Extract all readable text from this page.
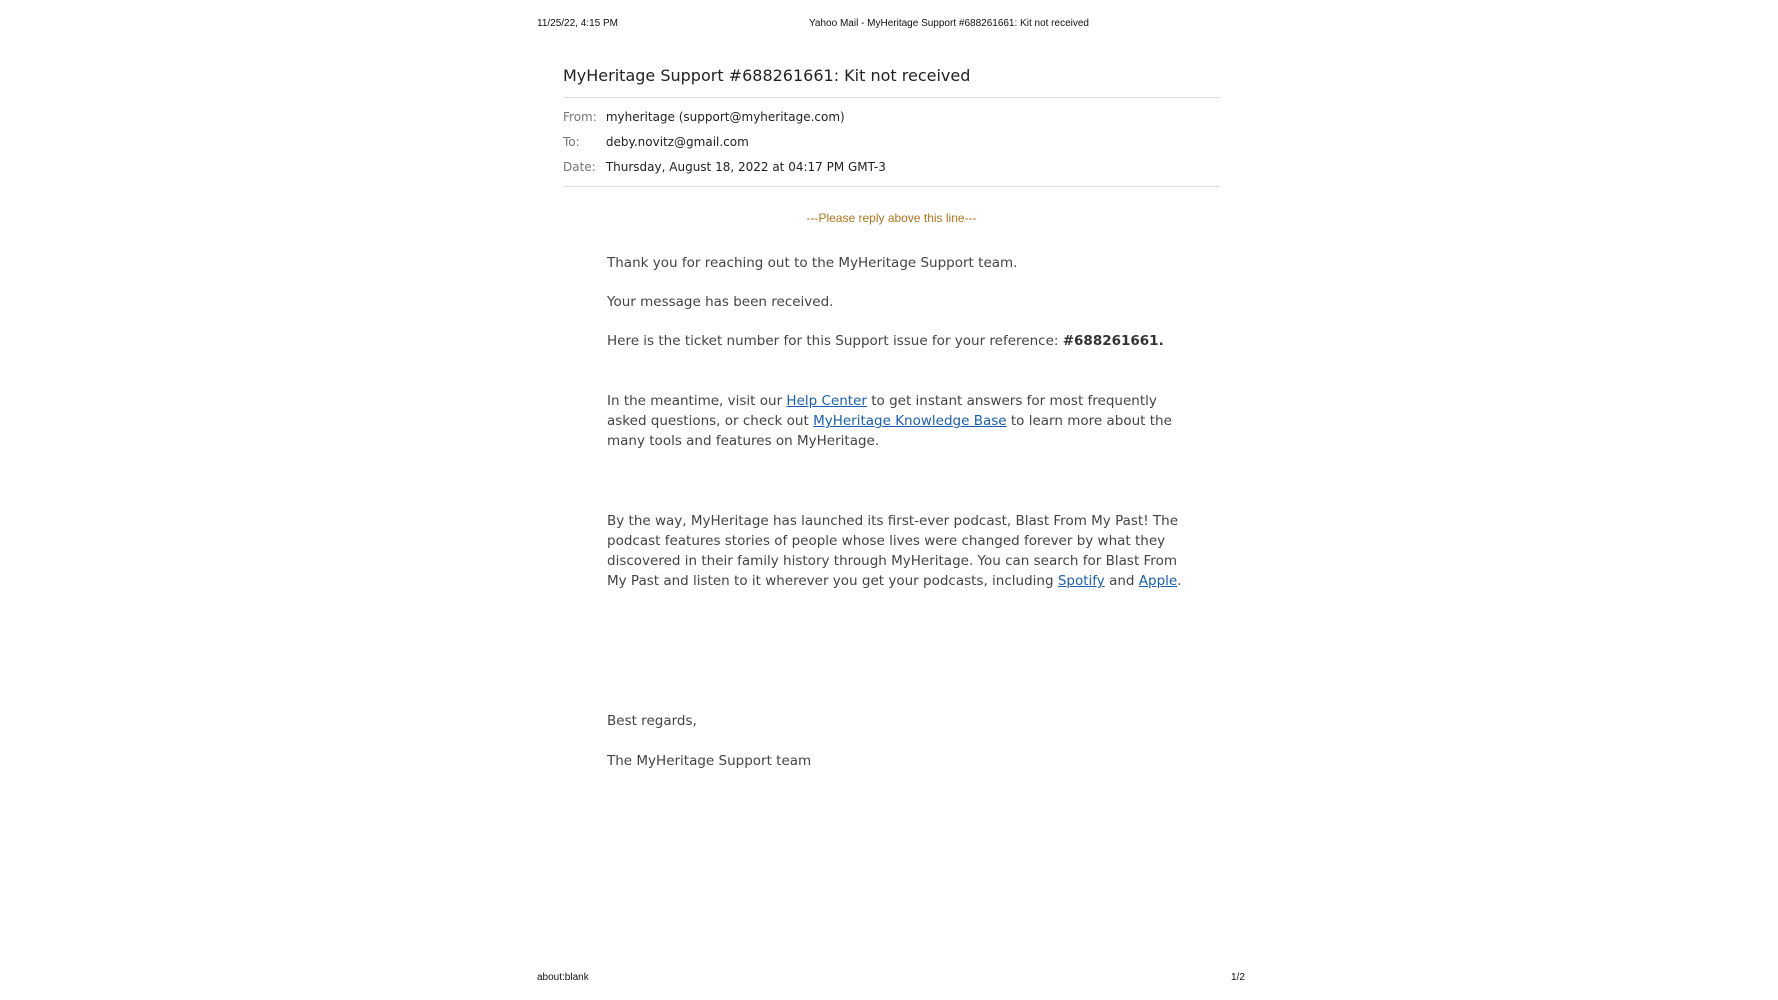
11/25/22, 4:15 PM	Yahoo Mail - MyHeritage Support #688261661: Kit not received
MyHeritage Support #688261661: Kit not received
From: myheritage (support@myheritage.com)
To: deby.novitz@gmail.com
Date: Thursday, August 18, 2022 at 04:17 PM GMT-3
---Please reply above this line---
Thank you for reaching out to the MyHeritage Support team.
Your message has been received.
Here is the ticket number for this Support issue for your reference: #688261661.
In the meantime, visit our Help Center to get instant answers for most frequently asked questions, or check out MyHeritage Knowledge Base to learn more about the many tools and features on MyHeritage.
By the way, MyHeritage has launched its first-ever podcast, Blast From My Past! The podcast features stories of people whose lives were changed forever by what they discovered in their family history through MyHeritage. You can search for Blast From My Past and listen to it wherever you get your podcasts, including Spotify and Apple.
Best regards,
The MyHeritage Support team
about:blank	1/2
